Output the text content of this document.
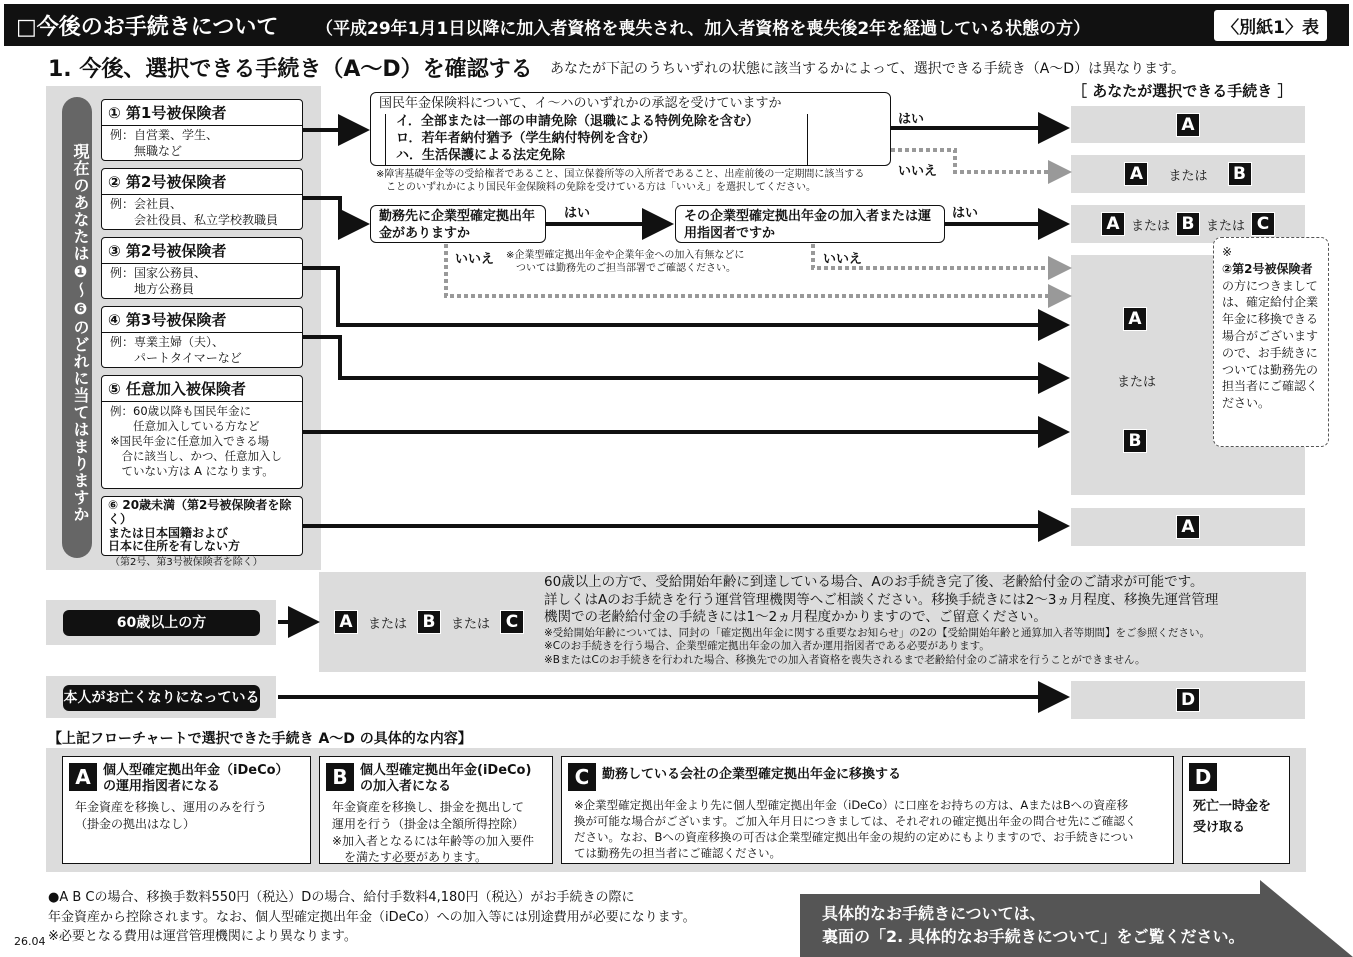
□今後のお手続きについて （平成29年1月1日以降に加入者資格を喪失され、加入者資格を喪失後2年を経過している状態の方）	〈別紙1〉表
1. 今後、選択できる手続き（A〜D）を確認する あなたが下記のうちいずれの状態に該当するかによって、選択できる手続き（A〜D）は異なります。
現在のあなたは❶〜❻のどれに当てはまりますか
① 第1号被保険者
例：自営業、学生、
　　無職など
② 第2号被保険者
例：会社員、
　　会社役員、私立学校教職員
③ 第2号被保険者
例：国家公務員、
　　地方公務員
④ 第3号被保険者
例：専業主婦（夫）、
　　パートタイマーなど
⑤ 任意加入被保険者
例：60歳以降も国民年金に
　　任意加入している方など
※国民年金に任意加入できる場
　合に該当し、かつ、任意加入し
　ていない方は A になります。
⑥ 20歳未満（第2号被保険者を除く）
または日本国籍および
日本に住所を有しない方
（第2号、第3号被保険者を除く）
［ あなたが選択できる手続き ］
国民年金保険料について、イ〜ハのいずれかの承認を受けていますか
イ．全部または一部の申請免除（退職による特例免除を含む）
ロ．若年者納付猶予（学生納付特例を含む）
ハ．生活保護による法定免除
※障害基礎年金等の受給権者であること、国立保養所等の入所者であること、出産前後の一定期間に該当する
　ことのいずれかにより国民年金保険料の免除を受けている方は「いいえ」を選択してください。
勤務先に企業型確定拠出年金がありますか
※企業型確定拠出年金や企業年金への加入有無などに
　ついては勤務先のご担当部署でご確認ください。
その企業型確定拠出年金の加入者または運用指図者ですか
はい
いいえ
はい
いいえ
はい
いいえ
A
A	または	B
A または B または C
A
または
B
A
※
②第2号被保険者
の方につきましては、確定給付企業年金に移換できる場合がございますので、お手続きについては勤務先の担当者にご確認ください。
60歳以上の方	A	または B	または C
60歳以上の方で、受給開始年齢に到達している場合、Aのお手続き完了後、老齢給付金のご請求が可能です。
詳しくはAのお手続きを行う運営管理機関等へご相談ください。移換手続きには2〜3ヵ月程度、移換先運営管理
機関での老齢給付金の手続きには1〜2ヵ月程度かかりますので、ご留意ください。
※受給開始年齢については、同封の「確定拠出年金に関する重要なお知らせ」の2の【受給開始年齢と通算加入者等期間】をご参照ください。
※Cのお手続きを行う場合、企業型確定拠出年金の加入者か運用指図者である必要があります。
※BまたはCのお手続きを行われた場合、移換先での加入者資格を喪失されるまで老齢給付金のご請求を行うことができません。
本人がお亡くなりになっている	D
【上記フローチャートで選択できた手続き A〜D の具体的な内容】
A 個人型確定拠出年金（iDeCo）
の運用指図者になる
年金資産を移換し、運用のみを行う
（掛金の拠出はなし）
B 個人型確定拠出年金(iDeCo)
の加入者になる
年金資産を移換し、掛金を拠出して
運用を行う（掛金は全額所得控除）
※加入者となるには年齢等の加入要件
　を満たす必要があります。
C 勤務している会社の企業型確定拠出年金に移換する
※企業型確定拠出年金より先に個人型確定拠出年金（iDeCo）に口座をお持ちの方は、AまたはBへの資産移
換が可能な場合がございます。ご加入年月日につきましては、それぞれの確定拠出年金の問合せ先にご確認く
ださい。なお、Bへの資産移換の可否は企業型確定拠出年金の規約の定めにもよりますので、お手続きについ
ては勤務先の担当者にご確認ください。
D
死亡一時金を
受け取る
●A B Cの場合、移換手数料550円（税込）Dの場合、給付手数料4,180円（税込）がお手続きの際に
年金資産から控除されます。なお、個人型確定拠出年金（iDeCo）への加入等には別途費用が必要になります。
※必要となる費用は運営管理機関により異なります。
26.04
具体的なお手続きについては、
裏面の「2. 具体的なお手続きについて」をご覧ください。
